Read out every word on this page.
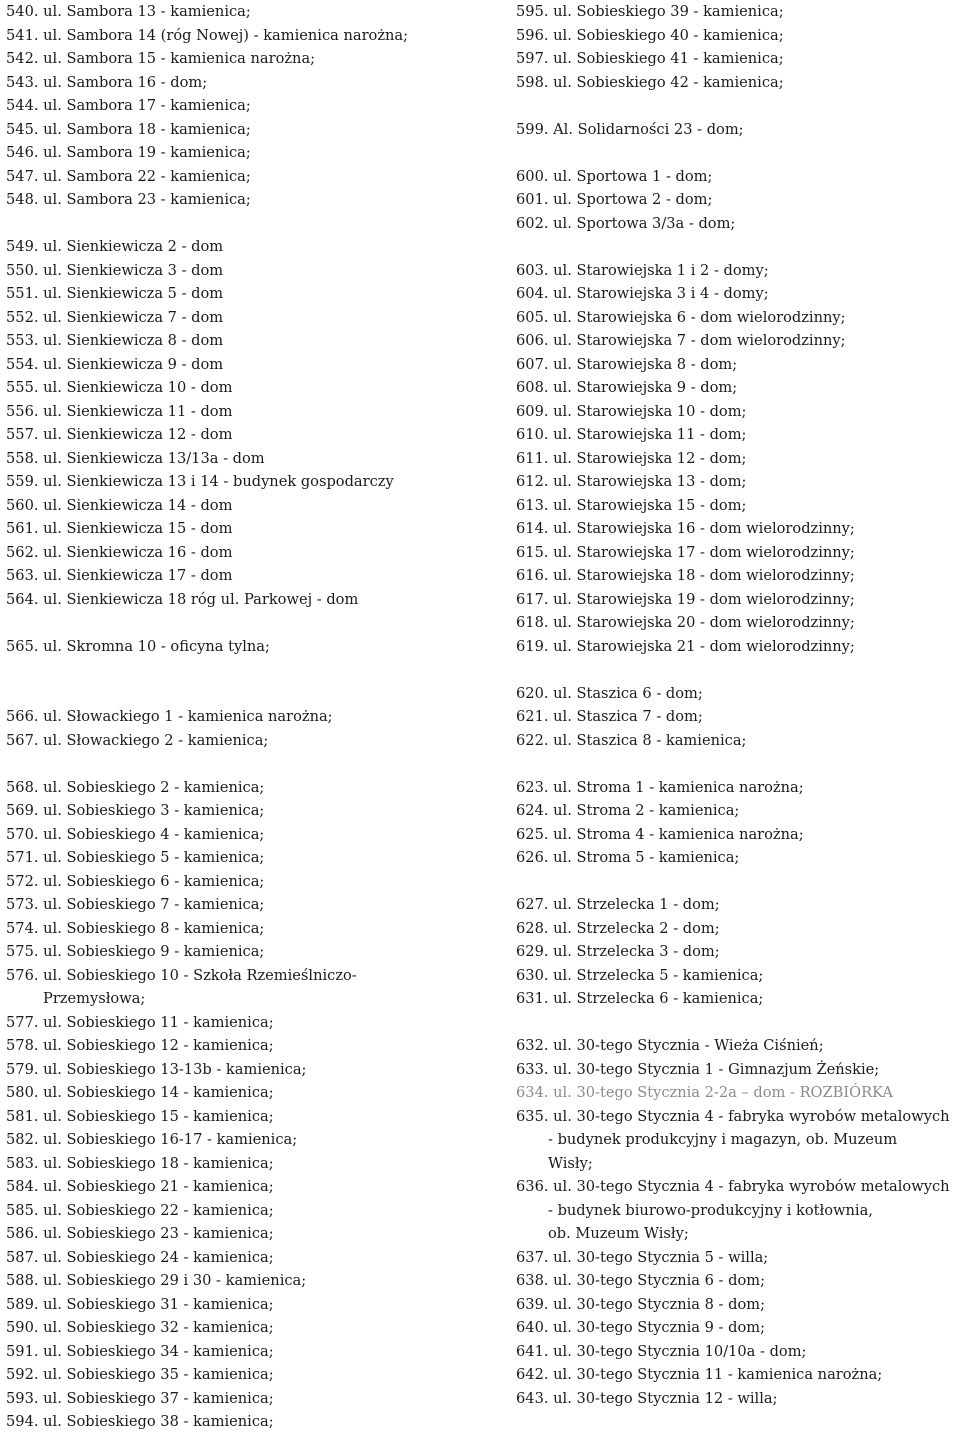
540. ul. Sambora 13 - kamienica;
541. ul. Sambora 14 (róg Nowej) - kamienica narożna;
542. ul. Sambora 15 - kamienica narożna;
543. ul. Sambora 16 - dom;
544. ul. Sambora 17 - kamienica;
545. ul. Sambora 18 - kamienica;
546. ul. Sambora 19 - kamienica;
547. ul. Sambora 22 - kamienica;
548. ul. Sambora 23 - kamienica;
549. ul. Sienkiewicza 2 - dom
550. ul. Sienkiewicza 3 - dom
551. ul. Sienkiewicza 5 - dom
552. ul. Sienkiewicza 7 - dom
553. ul. Sienkiewicza 8 - dom
554. ul. Sienkiewicza 9 - dom
555. ul. Sienkiewicza 10 - dom
556. ul. Sienkiewicza 11 - dom
557. ul. Sienkiewicza 12 - dom
558. ul. Sienkiewicza 13/13a - dom
559. ul. Sienkiewicza 13 i 14 - budynek gospodarczy
560. ul. Sienkiewicza 14 - dom
561. ul. Sienkiewicza 15 - dom
562. ul. Sienkiewicza 16 - dom
563. ul. Sienkiewicza 17 - dom
564. ul. Sienkiewicza 18 róg ul. Parkowej - dom
565. ul. Skromna 10 - oficyna tylna;
566. ul. Słowackiego 1 - kamienica narożna;
567. ul. Słowackiego 2 - kamienica;
568. ul. Sobieskiego 2 - kamienica;
569. ul. Sobieskiego 3 - kamienica;
570. ul. Sobieskiego 4 - kamienica;
571. ul. Sobieskiego 5 - kamienica;
572. ul. Sobieskiego 6 - kamienica;
573. ul. Sobieskiego 7 - kamienica;
574. ul. Sobieskiego 8 - kamienica;
575. ul. Sobieskiego 9 - kamienica;
576. ul. Sobieskiego 10 - Szkoła Rzemieślniczo-
Przemysłowa;
577. ul. Sobieskiego 11 - kamienica;
578. ul. Sobieskiego 12 - kamienica;
579. ul. Sobieskiego 13-13b - kamienica;
580. ul. Sobieskiego 14 - kamienica;
581. ul. Sobieskiego 15 - kamienica;
582. ul. Sobieskiego 16-17 - kamienica;
583. ul. Sobieskiego 18 - kamienica;
584. ul. Sobieskiego 21 - kamienica;
585. ul. Sobieskiego 22 - kamienica;
586. ul. Sobieskiego 23 - kamienica;
587. ul. Sobieskiego 24 - kamienica;
588. ul. Sobieskiego 29 i 30 - kamienica;
589. ul. Sobieskiego 31 - kamienica;
590. ul. Sobieskiego 32 - kamienica;
591. ul. Sobieskiego 34 - kamienica;
592. ul. Sobieskiego 35 - kamienica;
593. ul. Sobieskiego 37 - kamienica;
594. ul. Sobieskiego 38 - kamienica;
595. ul. Sobieskiego 39 - kamienica;
596. ul. Sobieskiego 40 - kamienica;
597. ul. Sobieskiego 41 - kamienica;
598. ul. Sobieskiego 42 - kamienica;
599. Al. Solidarności 23 - dom;
600. ul. Sportowa 1 - dom;
601. ul. Sportowa 2 - dom;
602. ul. Sportowa 3/3a - dom;
603. ul. Starowiejska 1 i 2 - domy;
604. ul. Starowiejska 3 i 4 - domy;
605. ul. Starowiejska 6 - dom wielorodzinny;
606. ul. Starowiejska 7 - dom wielorodzinny;
607. ul. Starowiejska 8 - dom;
608. ul. Starowiejska 9 - dom;
609. ul. Starowiejska 10 - dom;
610. ul. Starowiejska 11 - dom;
611. ul. Starowiejska 12 - dom;
612. ul. Starowiejska 13 - dom;
613. ul. Starowiejska 15 - dom;
614. ul. Starowiejska 16 - dom wielorodzinny;
615. ul. Starowiejska 17 - dom wielorodzinny;
616. ul. Starowiejska 18 - dom wielorodzinny;
617. ul. Starowiejska 19 - dom wielorodzinny;
618. ul. Starowiejska 20 - dom wielorodzinny;
619. ul. Starowiejska 21 - dom wielorodzinny;
620. ul. Staszica 6 - dom;
621. ul. Staszica 7 - dom;
622. ul. Staszica 8 - kamienica;
623. ul. Stroma 1 - kamienica narożna;
624. ul. Stroma 2 - kamienica;
625. ul. Stroma 4 - kamienica narożna;
626. ul. Stroma 5 - kamienica;
627. ul. Strzelecka 1 - dom;
628. ul. Strzelecka 2 - dom;
629. ul. Strzelecka 3 - dom;
630. ul. Strzelecka 5 - kamienica;
631. ul. Strzelecka 6 - kamienica;
632. ul. 30-tego Stycznia - Wieża Ciśnień;
633. ul. 30-tego Stycznia 1 - Gimnazjum Żeńskie;
634. ul. 30-tego Stycznia 2-2a – dom - ROZBIÓRKA
635. ul. 30-tego Stycznia 4 - fabryka wyrobów metalowych
- budynek produkcyjny i magazyn, ob. Muzeum
Wisły;
636. ul. 30-tego Stycznia 4 - fabryka wyrobów metalowych
- budynek biurowo-produkcyjny i kotłownia,
ob. Muzeum Wisły;
637. ul. 30-tego Stycznia 5 - willa;
638. ul. 30-tego Stycznia 6 - dom;
639. ul. 30-tego Stycznia 8 - dom;
640. ul. 30-tego Stycznia 9 - dom;
641. ul. 30-tego Stycznia 10/10a - dom;
642. ul. 30-tego Stycznia 11 - kamienica narożna;
643. ul. 30-tego Stycznia 12 - willa;
